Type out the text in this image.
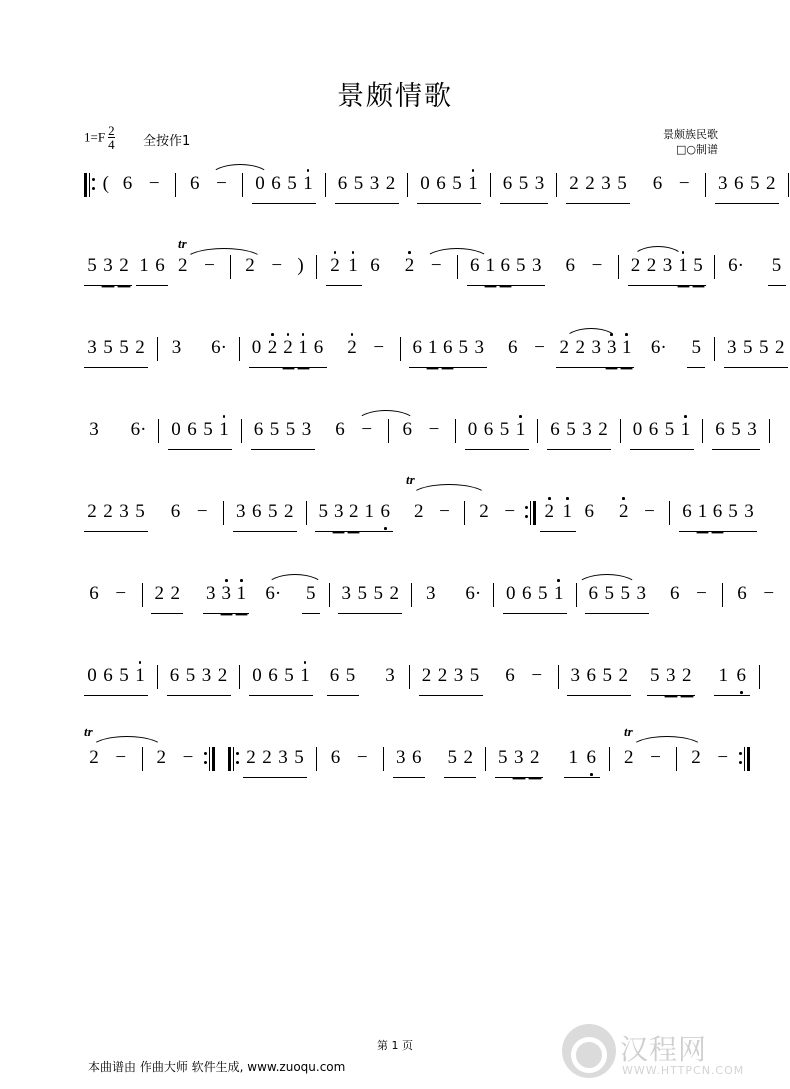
景颇情歌
$1=F \frac{2}{4}$ 全按作1	景颇族民歌
□○制谱
( 6 − 6 − 0 6 5 1 6 5 3 2 0 6 5 1 6 5 3 2 2 3 5 6 − 3 6 5 2
tr
5 3 2 1 6 2 − 2 − ) 2 1 6 2 − 6 1 6 5 3 6 − 2 2 3 1 5 6· 5
3 5 5 2 3 6· 0 2 2 1 6 2 − 6 1 6 5 3 6 − 2 2 3 3 1 6· 5 3 5 5 2
3 6· 0 6 5 1 6 5 5 3 6 − 6 − 0 6 5 1 6 5 3 2 0 6 5 1 6 5 3
tr
2 2 3 5 6 − 3 6 5 2 5 3 2 1 6 2 − 2 − 2 1 6 2 − 6 1 6 5 3
6 − 2 2 3 3 1 6· 5 3 5 5 2 3 6· 0 6 5 1 6 5 5 3 6 − 6 −
0 6 5 1 6 5 3 2 0 6 5 1 6 5 3 2 2 3 5 6 − 3 6 5 2 5 3 2 1 6
tr	tr
2 − 2 −
	2 2 3 5 6 − 3 6 5 2 5 3 2 1 6 2 − 2 −
第 1 页
本曲谱由 作曲大师 软件生成, www.zuoqu.com
汉程网
WWW.HTTPCN.COM
